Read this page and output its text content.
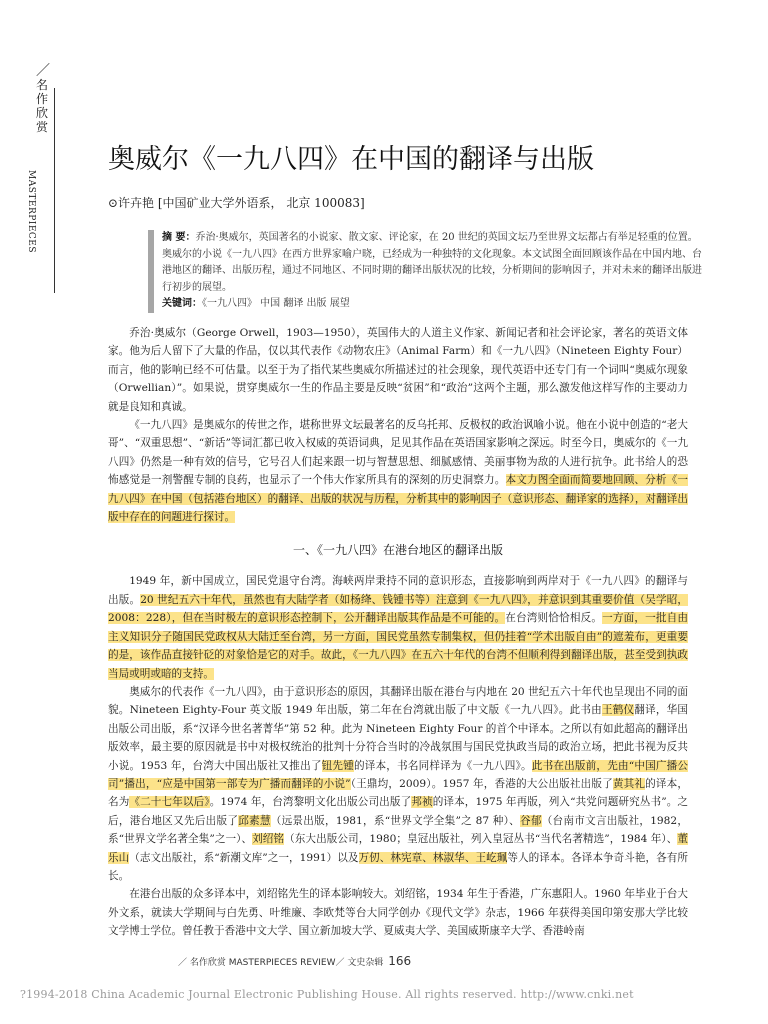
／
名作欣赏
MASTERPIECES
奥威尔《一九八四》在中国的翻译与出版
⊙许卉艳 [中国矿业大学外语系， 北京 100083]

摘 要：乔治·奥威尔，英国著名的小说家、散文家、评论家，在 20 世纪的英国文坛乃至世界文坛都占有举足轻重的位置。奥威尔的小说《一九八四》在西方世界家喻户晓，已经成为一种独特的文化现象。本文试图全面回顾该作品在中国内地、台港地区的翻译、出版历程，通过不同地区、不同时期的翻译出版状况的比较，分析期间的影响因子，并对未来的翻译出版进行初步的展望。

关键词：《一九八四》 中国 翻译 出版 展望

乔治·奥威尔（George Orwell，1903—1950），英国伟大的人道主义作家、新闻记者和社会评论家，著名的英语文体家。他为后人留下了大量的作品，仅以其代表作《动物农庄》（Animal Farm）和《一九八四》（Nineteen Eighty Four）而言，他的影响已经不可估量。以至于为了指代某些奥威尔所描述过的社会现象，现代英语中还专门有一个词叫“奥威尔现象（Orwellian）”。如果说，贯穿奥威尔一生的作品主要是反映“贫困”和“政治”这两个主题，那么激发他这样写作的主要动力就是良知和真诚。

《一九八四》是奥威尔的传世之作，堪称世界文坛最著名的反乌托邦、反极权的政治讽喻小说。他在小说中创造的“老大哥”、“双重思想”、“新话”等词汇都已收入权威的英语词典，足见其作品在英语国家影响之深远。时至今日，奥威尔的《一九八四》仍然是一种有效的信号，它号召人们起来跟一切与智慧思想、细腻感情、美丽事物为敌的人进行抗争。此书给人的恐怖感觉是一剂警醒专制的良药，也显示了一个伟大作家所具有的深刻的历史洞察力。本文力图全面而简要地回顾、分析《一九八四》在中国（包括港台地区）的翻译、出版的状况与历程，分析其中的影响因子（意识形态、翻译家的选择），对翻译出版中存在的问题进行探讨。

一、《一九八四》在港台地区的翻译出版

1949 年，新中国成立，国民党退守台湾。海峡两岸秉持不同的意识形态，直接影响到两岸对于《一九八四》的翻译与出版。20 世纪五六十年代，虽然也有大陆学者（如杨绛、钱锺书等）注意到《一九八四》，并意识到其重要价值（吴学昭，2008：228），但在当时极左的意识形态控制下，公开翻译出版其作品是不可能的。在台湾则恰恰相反。一方面，一批自由主义知识分子随国民党政权从大陆迁至台湾，另一方面，国民党虽然专制集权，但仍挂着“学术出版自由”的遮羞布，更重要的是，该作品直接针砭的对象恰是它的对手。故此，《一九八四》在五六十年代的台湾不但顺利得到翻译出版，甚至受到执政当局或明或暗的支持。

奥威尔的代表作《一九八四》，由于意识形态的原因，其翻译出版在港台与内地在 20 世纪五六十年代也呈现出不同的面貌。Nineteen Eighty-Four 英文版 1949 年出版，第二年在台湾就出版了中文版《一九八四》。此书由王鹤仪翻译，华国出版公司出版，系“汉译今世名著菁华”第 52 种。此为 Nineteen Eighty Four 的首个中译本。之所以有如此超高的翻译出版效率，最主要的原因就是书中对极权统治的批判十分符合当时的冷战氛围与国民党执政当局的政治立场，把此书视为反共小说。1953 年，台湾大中国出版社又推出了钮先锺的译本，书名同样译为《一九八四》。此书在出版前，先由“中国广播公司”播出，“应是中国第一部专为广播而翻译的小说”（王鼎均，2009）。1957 年，香港的大公出版社出版了黄其礼的译本，名为《二十七年以后》。1974 年，台湾黎明文化出版公司出版了邦祯的译本，1975 年再版，列入“共党问题研究丛书”。之后，港台地区又先后出版了邱素慧（远景出版，1981，系“世界文学全集”之 87 种）、谷郁（台南市文言出版社，1982，系“世界文学名著全集”之一）、刘绍铭（东大出版公司，1980；皇冠出版社，列入皇冠丛书“当代名著精选”，1984 年）、董乐山（志文出版社，系“新潮文库”之一，1991）以及万仞、林宪章、林淑华、王屹珮等人的译本。各译本争奇斗艳，各有所长。

在港台出版的众多译本中，刘绍铭先生的译本影响较大。刘绍铭，1934 年生于香港，广东惠阳人。1960 年毕业于台大外文系，就读大学期间与白先勇、叶维廉、李欧梵等台大同学创办《现代文学》杂志，1966 年获得美国印第安那大学比较文学博士学位。曾任教于香港中文大学、国立新加坡大学、夏威夷大学、美国威斯康辛大学、香港岭南

／ 名作欣赏 MASTERPIECES REVIEW／ 文史杂辑 166
?1994-2018 China Academic Journal Electronic Publishing House. All rights reserved. http://www.cnki.net
